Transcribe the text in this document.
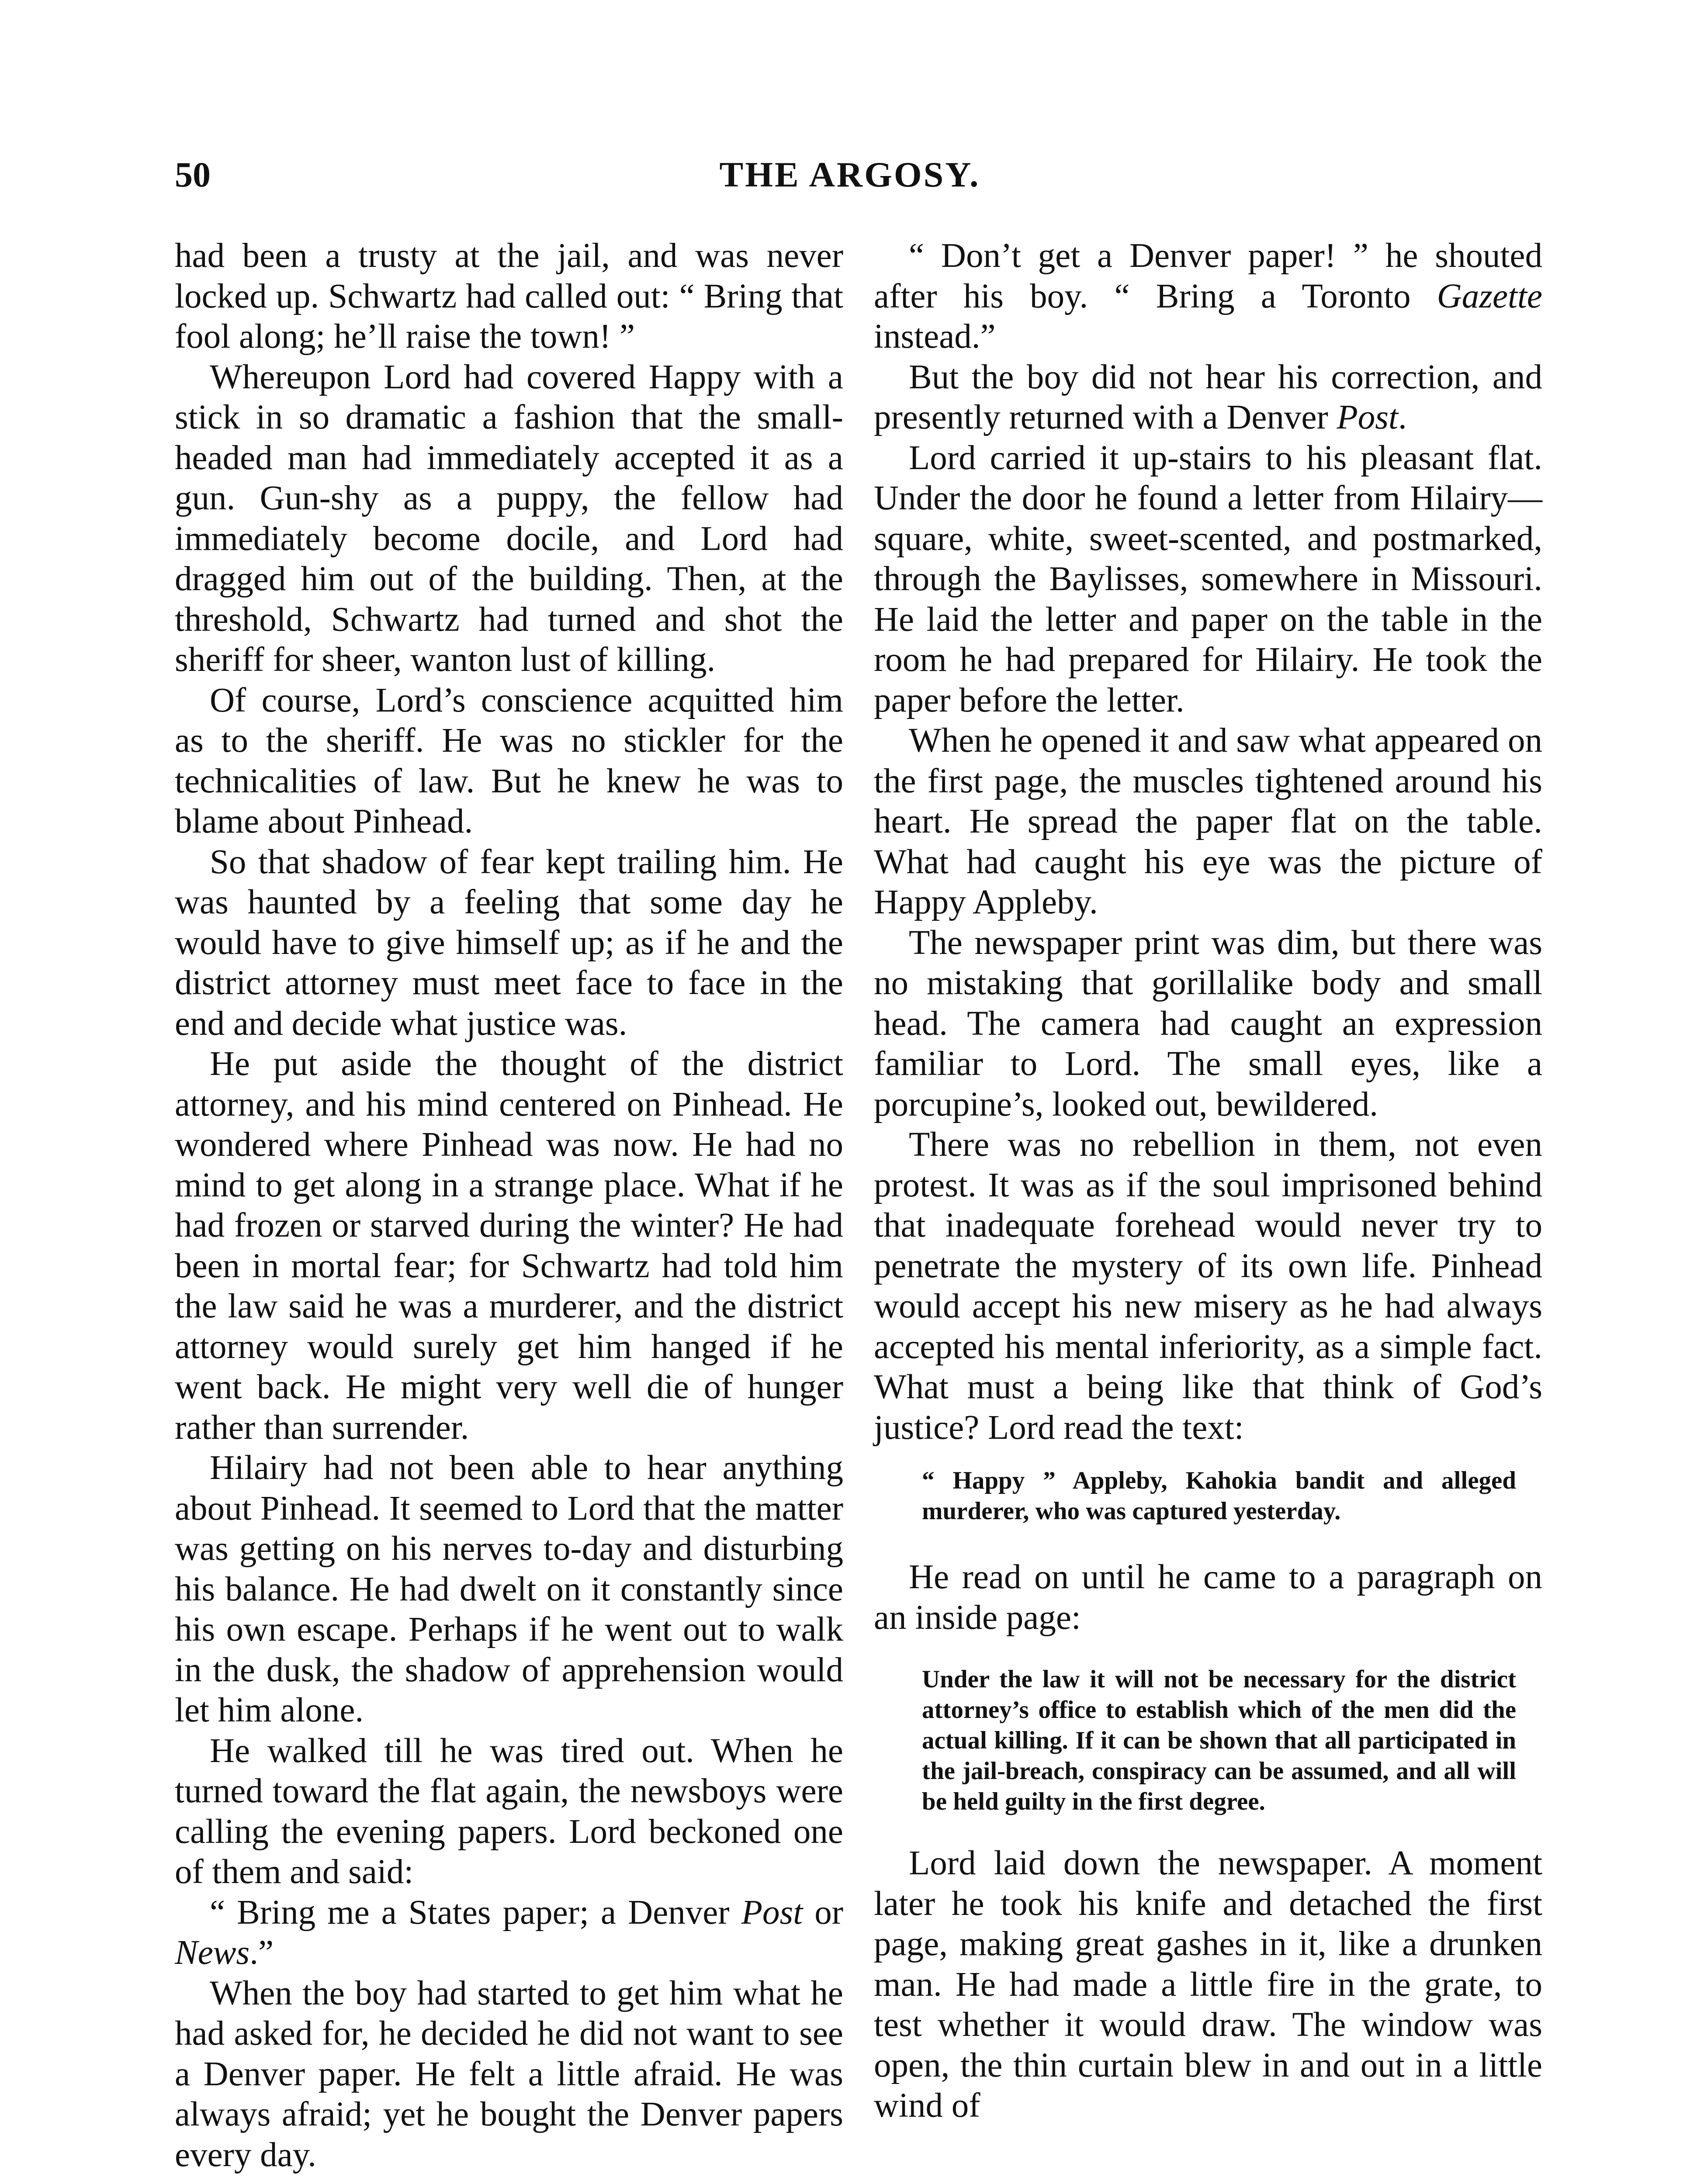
50	THE ARGOSY.

had been a trusty at the jail, and was never locked up. Schwartz had called out: “ Bring that fool along; he’ll raise the town! ”

Whereupon Lord had covered Happy with a stick in so dramatic a fashion that the small-headed man had immediately accepted it as a gun. Gun-shy as a puppy, the fellow had immediately become docile, and Lord had dragged him out of the building. Then, at the threshold, Schwartz had turned and shot the sheriff for sheer, wanton lust of killing.

Of course, Lord’s conscience acquitted him as to the sheriff. He was no stickler for the technicalities of law. But he knew he was to blame about Pinhead.

So that shadow of fear kept trailing him. He was haunted by a feeling that some day he would have to give himself up; as if he and the district attorney must meet face to face in the end and decide what justice was.

He put aside the thought of the district attorney, and his mind centered on Pinhead. He wondered where Pinhead was now. He had no mind to get along in a strange place. What if he had frozen or starved during the winter? He had been in mortal fear; for Schwartz had told him the law said he was a murderer, and the district attorney would surely get him hanged if he went back. He might very well die of hunger rather than surrender.

Hilairy had not been able to hear anything about Pinhead. It seemed to Lord that the matter was getting on his nerves to-day and disturbing his balance. He had dwelt on it constantly since his own escape. Perhaps if he went out to walk in the dusk, the shadow of apprehension would let him alone.

He walked till he was tired out. When he turned toward the flat again, the newsboys were calling the evening papers. Lord beckoned one of them and said:

“ Bring me a States paper; a Denver Post or News.”

When the boy had started to get him what he had asked for, he decided he did not want to see a Denver paper. He felt a little afraid. He was always afraid; yet he bought the Denver papers every day.

“ Don’t get a Denver paper! ” he shouted after his boy. “ Bring a Toronto Gazette instead.”

But the boy did not hear his correction, and presently returned with a Denver Post.

Lord carried it up-stairs to his pleasant flat. Under the door he found a letter from Hilairy—square, white, sweet-scented, and postmarked, through the Baylisses, somewhere in Missouri. He laid the letter and paper on the table in the room he had prepared for Hilairy. He took the paper before the letter.

When he opened it and saw what appeared on the first page, the muscles tightened around his heart. He spread the paper flat on the table. What had caught his eye was the picture of Happy Appleby.

The newspaper print was dim, but there was no mistaking that gorillalike body and small head. The camera had caught an expression familiar to Lord. The small eyes, like a porcupine’s, looked out, bewildered.

There was no rebellion in them, not even protest. It was as if the soul imprisoned behind that inadequate forehead would never try to penetrate the mystery of its own life. Pinhead would accept his new misery as he had always accepted his mental inferiority, as a simple fact. What must a being like that think of God’s justice? Lord read the text:

“ Happy ” Appleby, Kahokia bandit and alleged murderer, who was captured yesterday.

He read on until he came to a paragraph on an inside page:

Under the law it will not be necessary for the district attorney’s office to establish which of the men did the actual killing. If it can be shown that all participated in the jail-breach, conspiracy can be assumed, and all will be held guilty in the first degree.

Lord laid down the newspaper. A moment later he took his knife and detached the first page, making great gashes in it, like a drunken man. He had made a little fire in the grate, to test whether it would draw. The window was open, the thin curtain blew in and out in a little wind of
